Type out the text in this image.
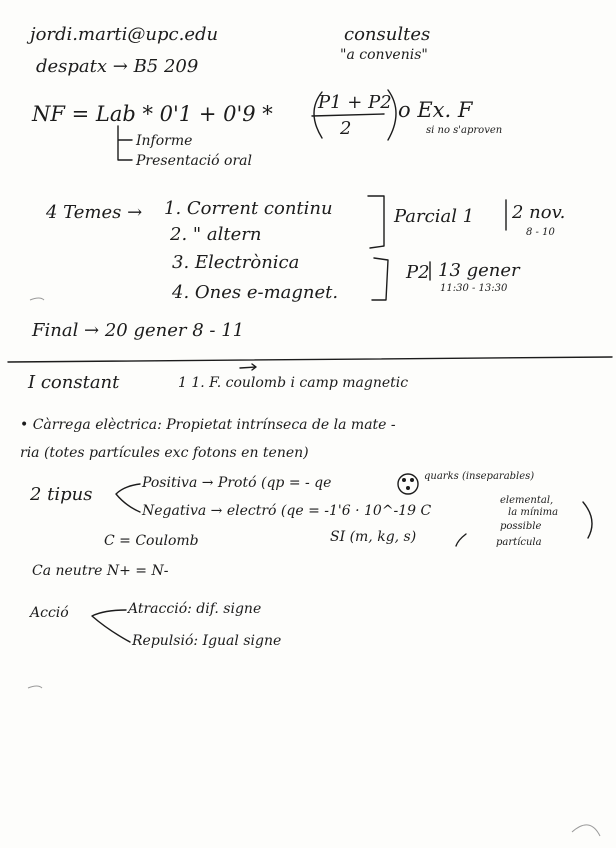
jordi.marti@upc.edu
despatx → B5 209
consultes
"a convenis"
NF = Lab * 0'1 + 0'9 *	P1 + P2
2
o Ex. F
si no s'aproven
Informe
Presentació oral
4 Temes → 1. Corrent continu
2. " altern
3. Electrònica
4. Ones e-magnet.
Parcial 1 2 nov.
8 - 10
P2 13 gener
11:30 - 13:30
Final → 20 gener 8 - 11
I constant	1 1. F. coulomb i camp magnetic
• Càrrega elèctrica: Propietat intrínseca de la mate -
ria (totes partícules exc fotons en tenen)
2 tipus
Positiva → Protó (qp = - qe	quarks (inseparables)
Negativa → electró (qe = -1'6 · 10^-19 C
elemental,
la mínima
possible
partícula
C = Coulomb	SI (m, kg, s)
Ca neutre N+ = N-
Acció	Atracció: dif. signe
Repulsió: Igual signe
